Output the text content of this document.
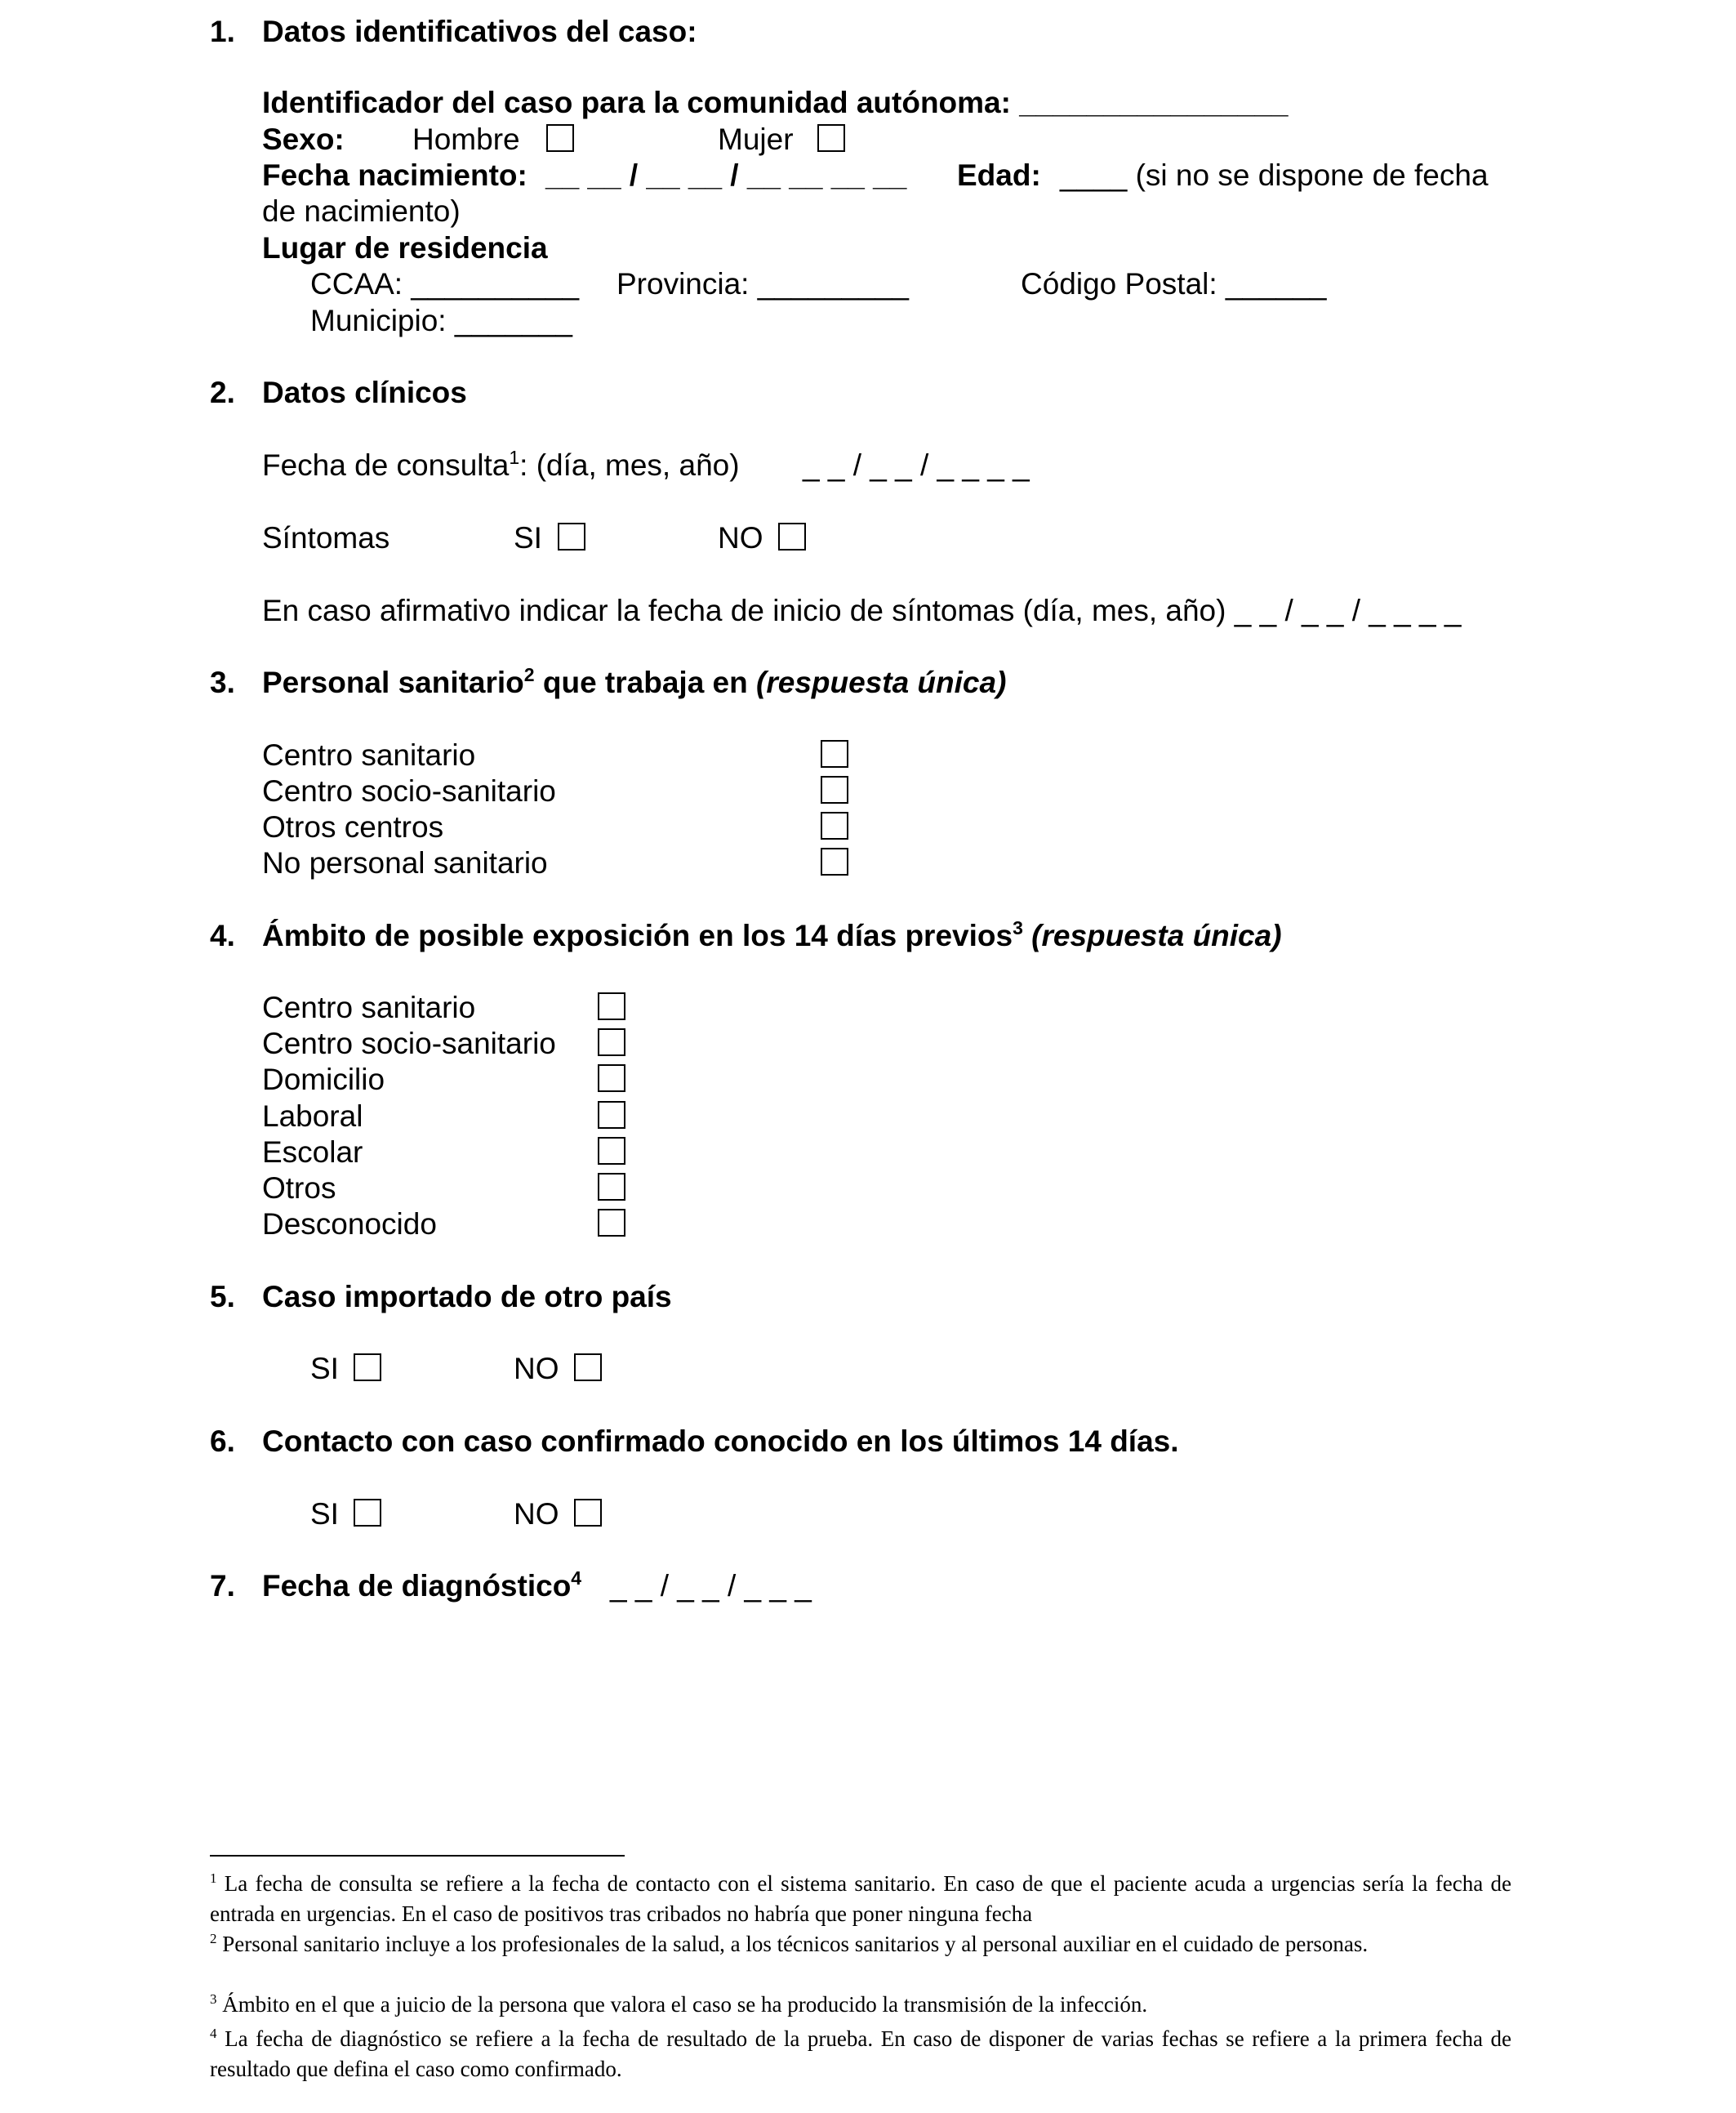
1. Datos identificativos del caso:
Identificador del caso para la comunidad autónoma: ________________
Sexo: Hombre	Mujer
Fecha nacimiento: __ __ / __ __ / __ __ __ __ Edad: ____ (si no se dispone de fecha
de nacimiento)
Lugar de residencia
CCAA: __________ Provincia: _________	Código Postal: ______
Municipio: _______
2. Datos clínicos
Fecha de consulta$^1$: (día, mes, año) _ _ / _ _ / _ _ _ _
Síntomas	SI	NO
En caso afirmativo indicar la fecha de inicio de síntomas (día, mes, año) _ _ / _ _ / _ _ _ _
3. Personal sanitario$^2$ que trabaja en (respuesta única)
Centro sanitario
Centro socio-sanitario
Otros centros
No personal sanitario
4. Ámbito de posible exposición en los 14 días previos$^3$ (respuesta única)
Centro sanitario
Centro socio-sanitario
Domicilio
Laboral
Escolar
Otros
Desconocido
5. Caso importado de otro país
SI	NO
6. Contacto con caso confirmado conocido en los últimos 14 días.
SI	NO
7. Fecha de diagnóstico$^4$ _ _ / _ _ / _ _ _
$^1$ La fecha de consulta se refiere a la fecha de contacto con el sistema sanitario. En caso de que el paciente acuda a urgencias sería la fecha de entrada en urgencias. En el caso de positivos tras cribados no habría que poner ninguna fecha
$^2$ Personal sanitario incluye a los profesionales de la salud, a los técnicos sanitarios y al personal auxiliar en el cuidado de personas.
$^3$ Ámbito en el que a juicio de la persona que valora el caso se ha producido la transmisión de la infección.
$^4$ La fecha de diagnóstico se refiere a la fecha de resultado de la prueba. En caso de disponer de varias fechas se refiere a la primera fecha de resultado que defina el caso como confirmado.
